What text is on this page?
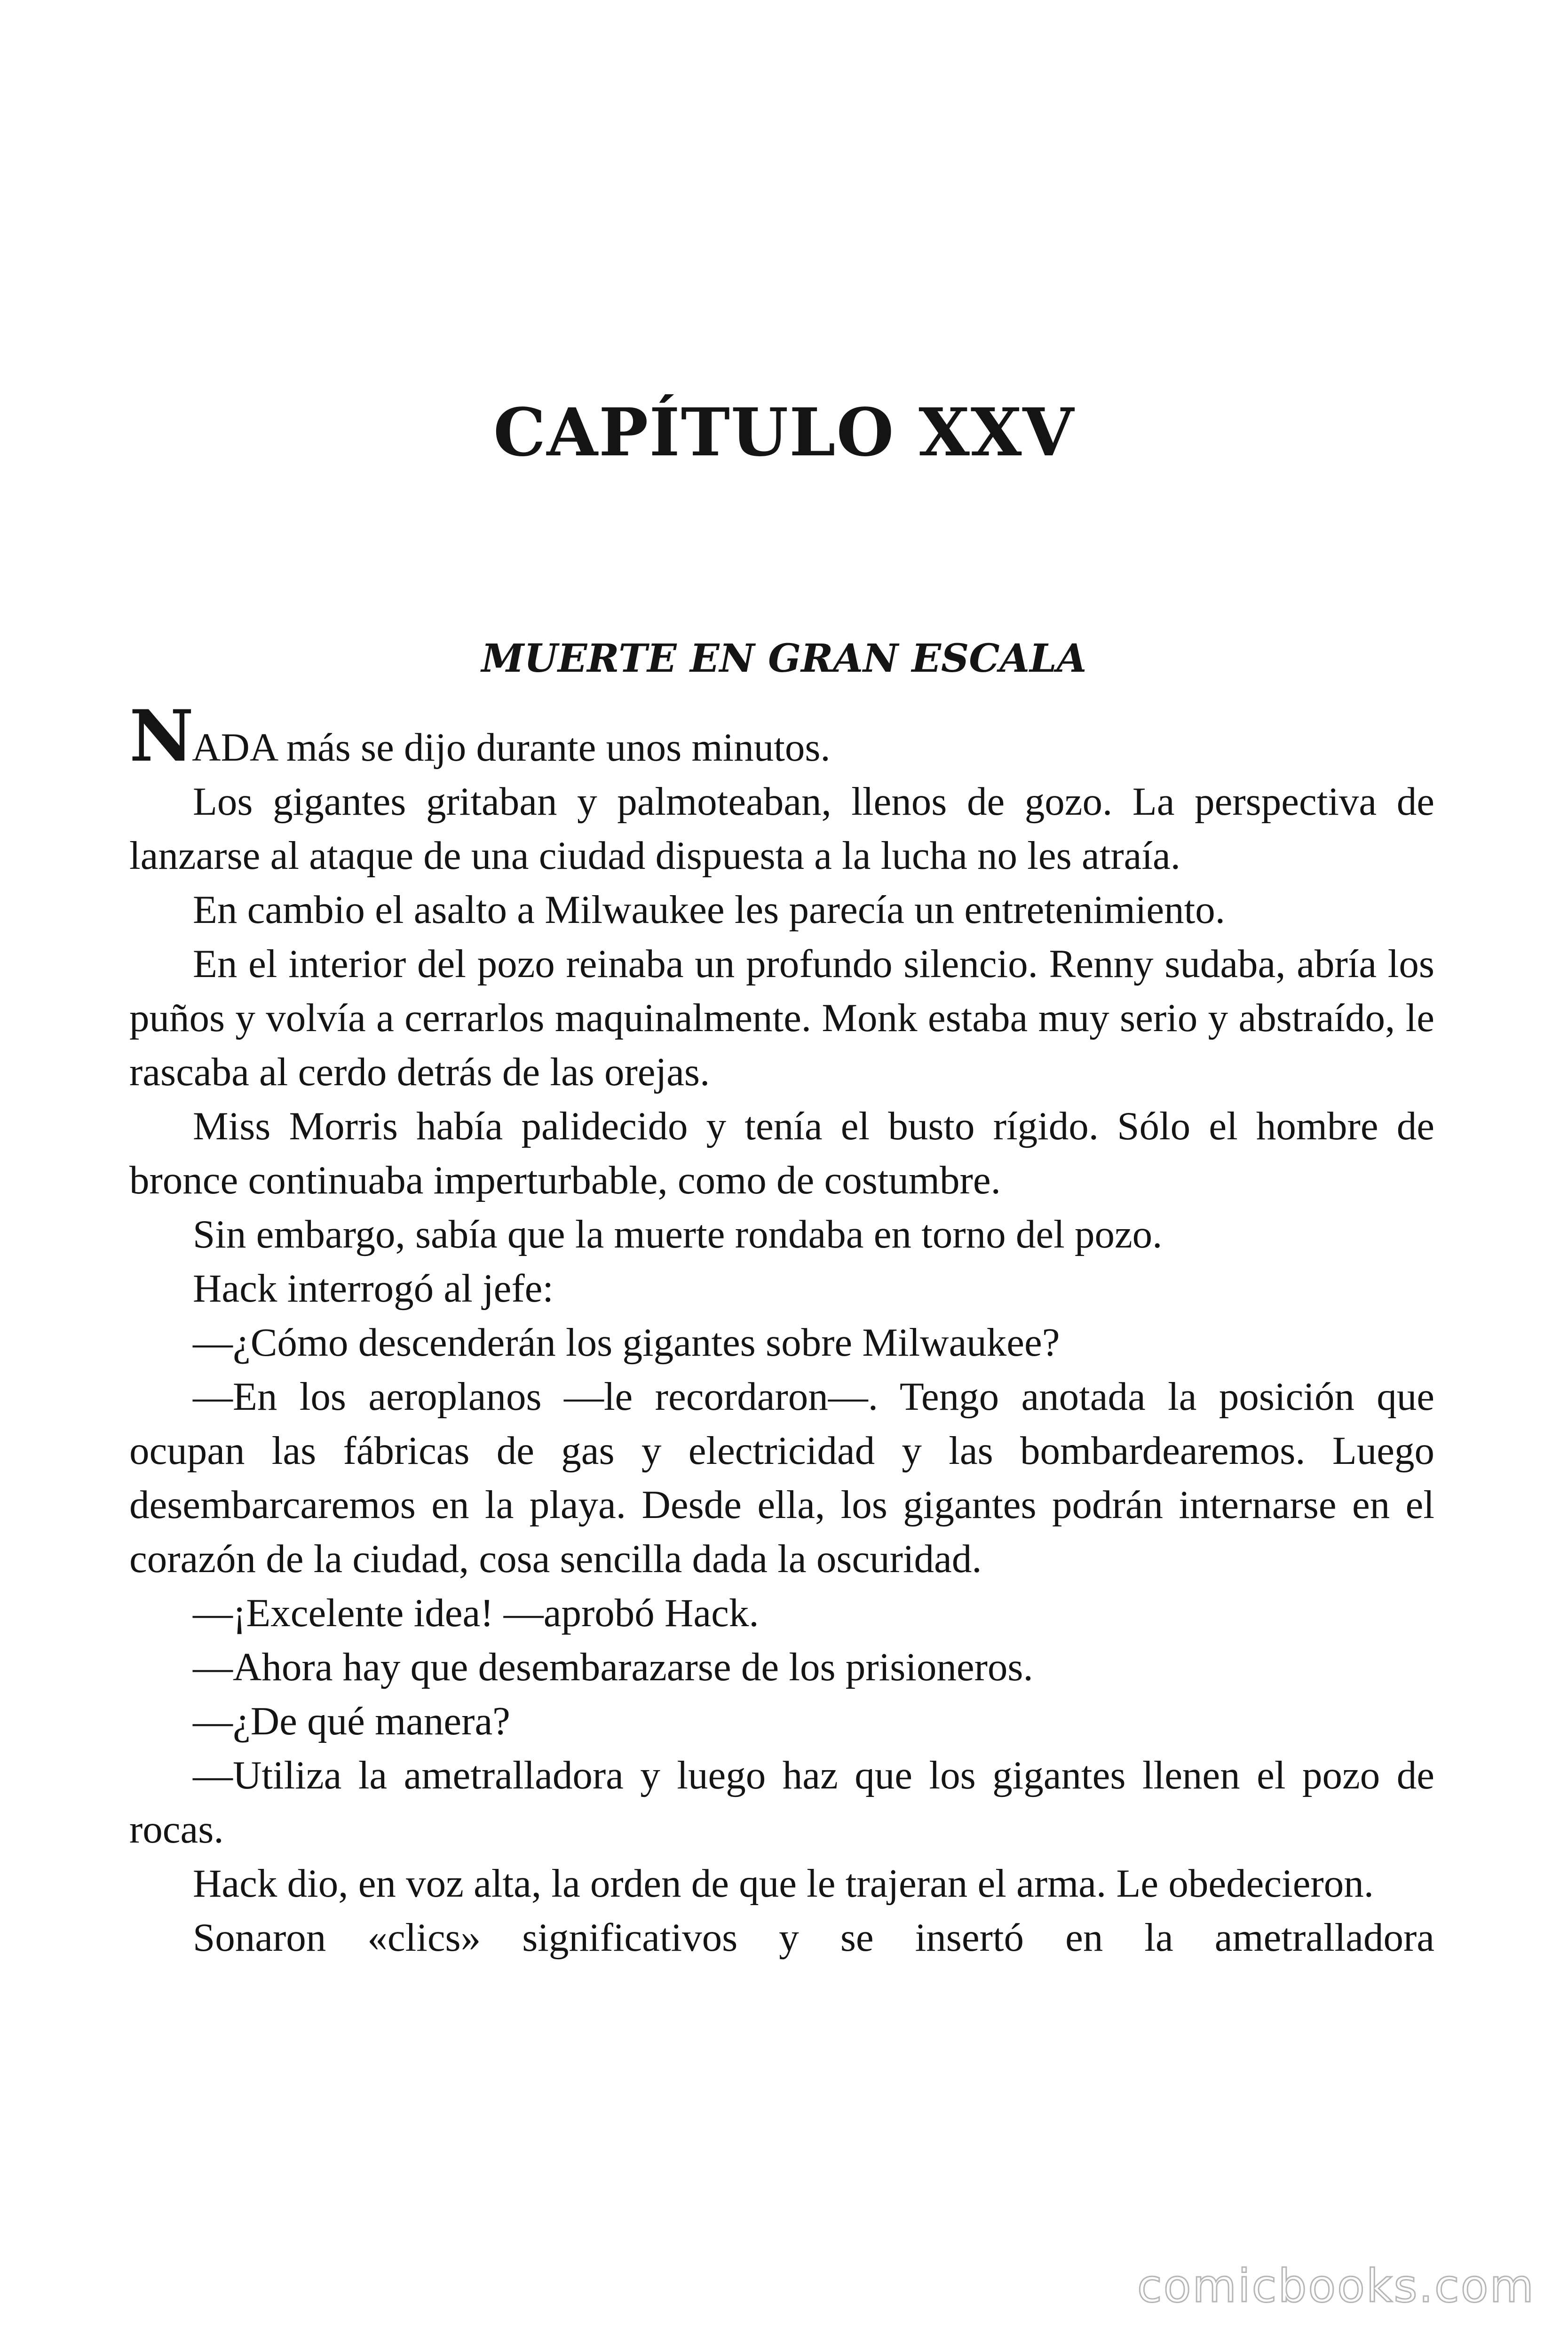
CAPÍTULO XXV
MUERTE EN GRAN ESCALA

NADA más se dijo durante unos minutos.

Los gigantes gritaban y palmoteaban, llenos de gozo. La perspectiva de lanzarse al ataque de una ciudad dispuesta a la lucha no les atraía.

En cambio el asalto a Milwaukee les parecía un entretenimiento.

En el interior del pozo reinaba un profundo silencio. Renny sudaba, abría los puños y volvía a cerrarlos maquinalmente. Monk estaba muy serio y abstraído, le rascaba al cerdo detrás de las orejas.

Miss Morris había palidecido y tenía el busto rígido. Sólo el hombre de bronce continuaba imperturbable, como de costumbre.

Sin embargo, sabía que la muerte rondaba en torno del pozo.

Hack interrogó al jefe:

—¿Cómo descenderán los gigantes sobre Milwaukee?

—En los aeroplanos —le recordaron—. Tengo anotada la posición que ocupan las fábricas de gas y electricidad y las bombardearemos. Luego desembarcaremos en la playa. Desde ella, los gigantes podrán internarse en el corazón de la ciudad, cosa sencilla dada la oscuridad.

—¡Excelente idea! —aprobó Hack.

—Ahora hay que desembarazarse de los prisioneros.

—¿De qué manera?

—Utiliza la ametralladora y luego haz que los gigantes llenen el pozo de rocas.

Hack dio, en voz alta, la orden de que le trajeran el arma. Le obedecieron.

Sonaron «clics» significativos y se insertó en la ametralladora

comicbooks.com
